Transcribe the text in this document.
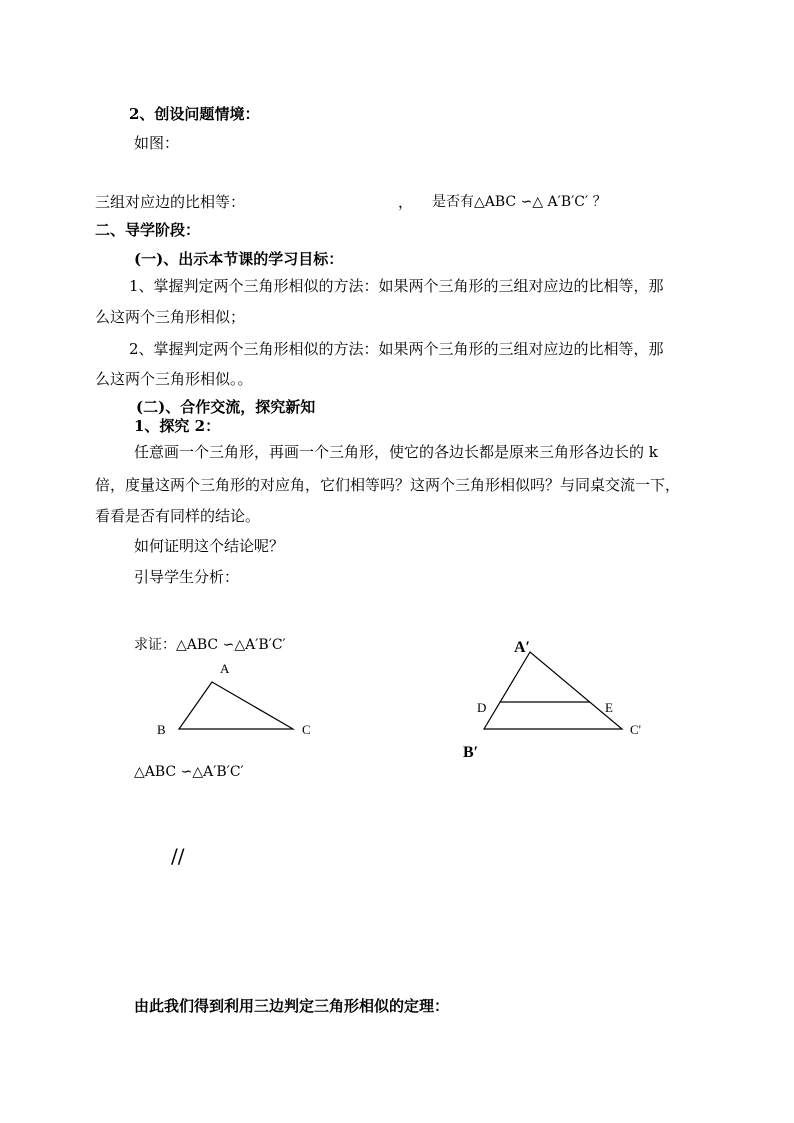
2、创设问题情境：
如图：
三组对应边的比相等：	， 是否有△ABC ∽△ A′B′C′ ？
二、导学阶段：
(一)、出示本节课的学习目标：
1、掌握判定两个三角形相似的方法：如果两个三角形的三组对应边的比相等，那
么这两个三角形相似；
2、掌握判定两个三角形相似的方法：如果两个三角形的三组对应边的比相等，那
么这两个三角形相似。。
(二)、合作交流，探究新知
1、探究 2：
任意画一个三角形，再画一个三角形，使它的各边长都是原来三角形各边长的 k
倍，度量这两个三角形的对应角，它们相等吗？这两个三角形相似吗？与同桌交流一下，
看看是否有同样的结论。
如何证明这个结论呢？
引导学生分析：
求证：△ABC ∽△A′B′C′
△ABC ∽△A′B′C′
//
由此我们得到利用三边判定三角形相似的定理：
A
B	C
A′
B′
C'
D	E
